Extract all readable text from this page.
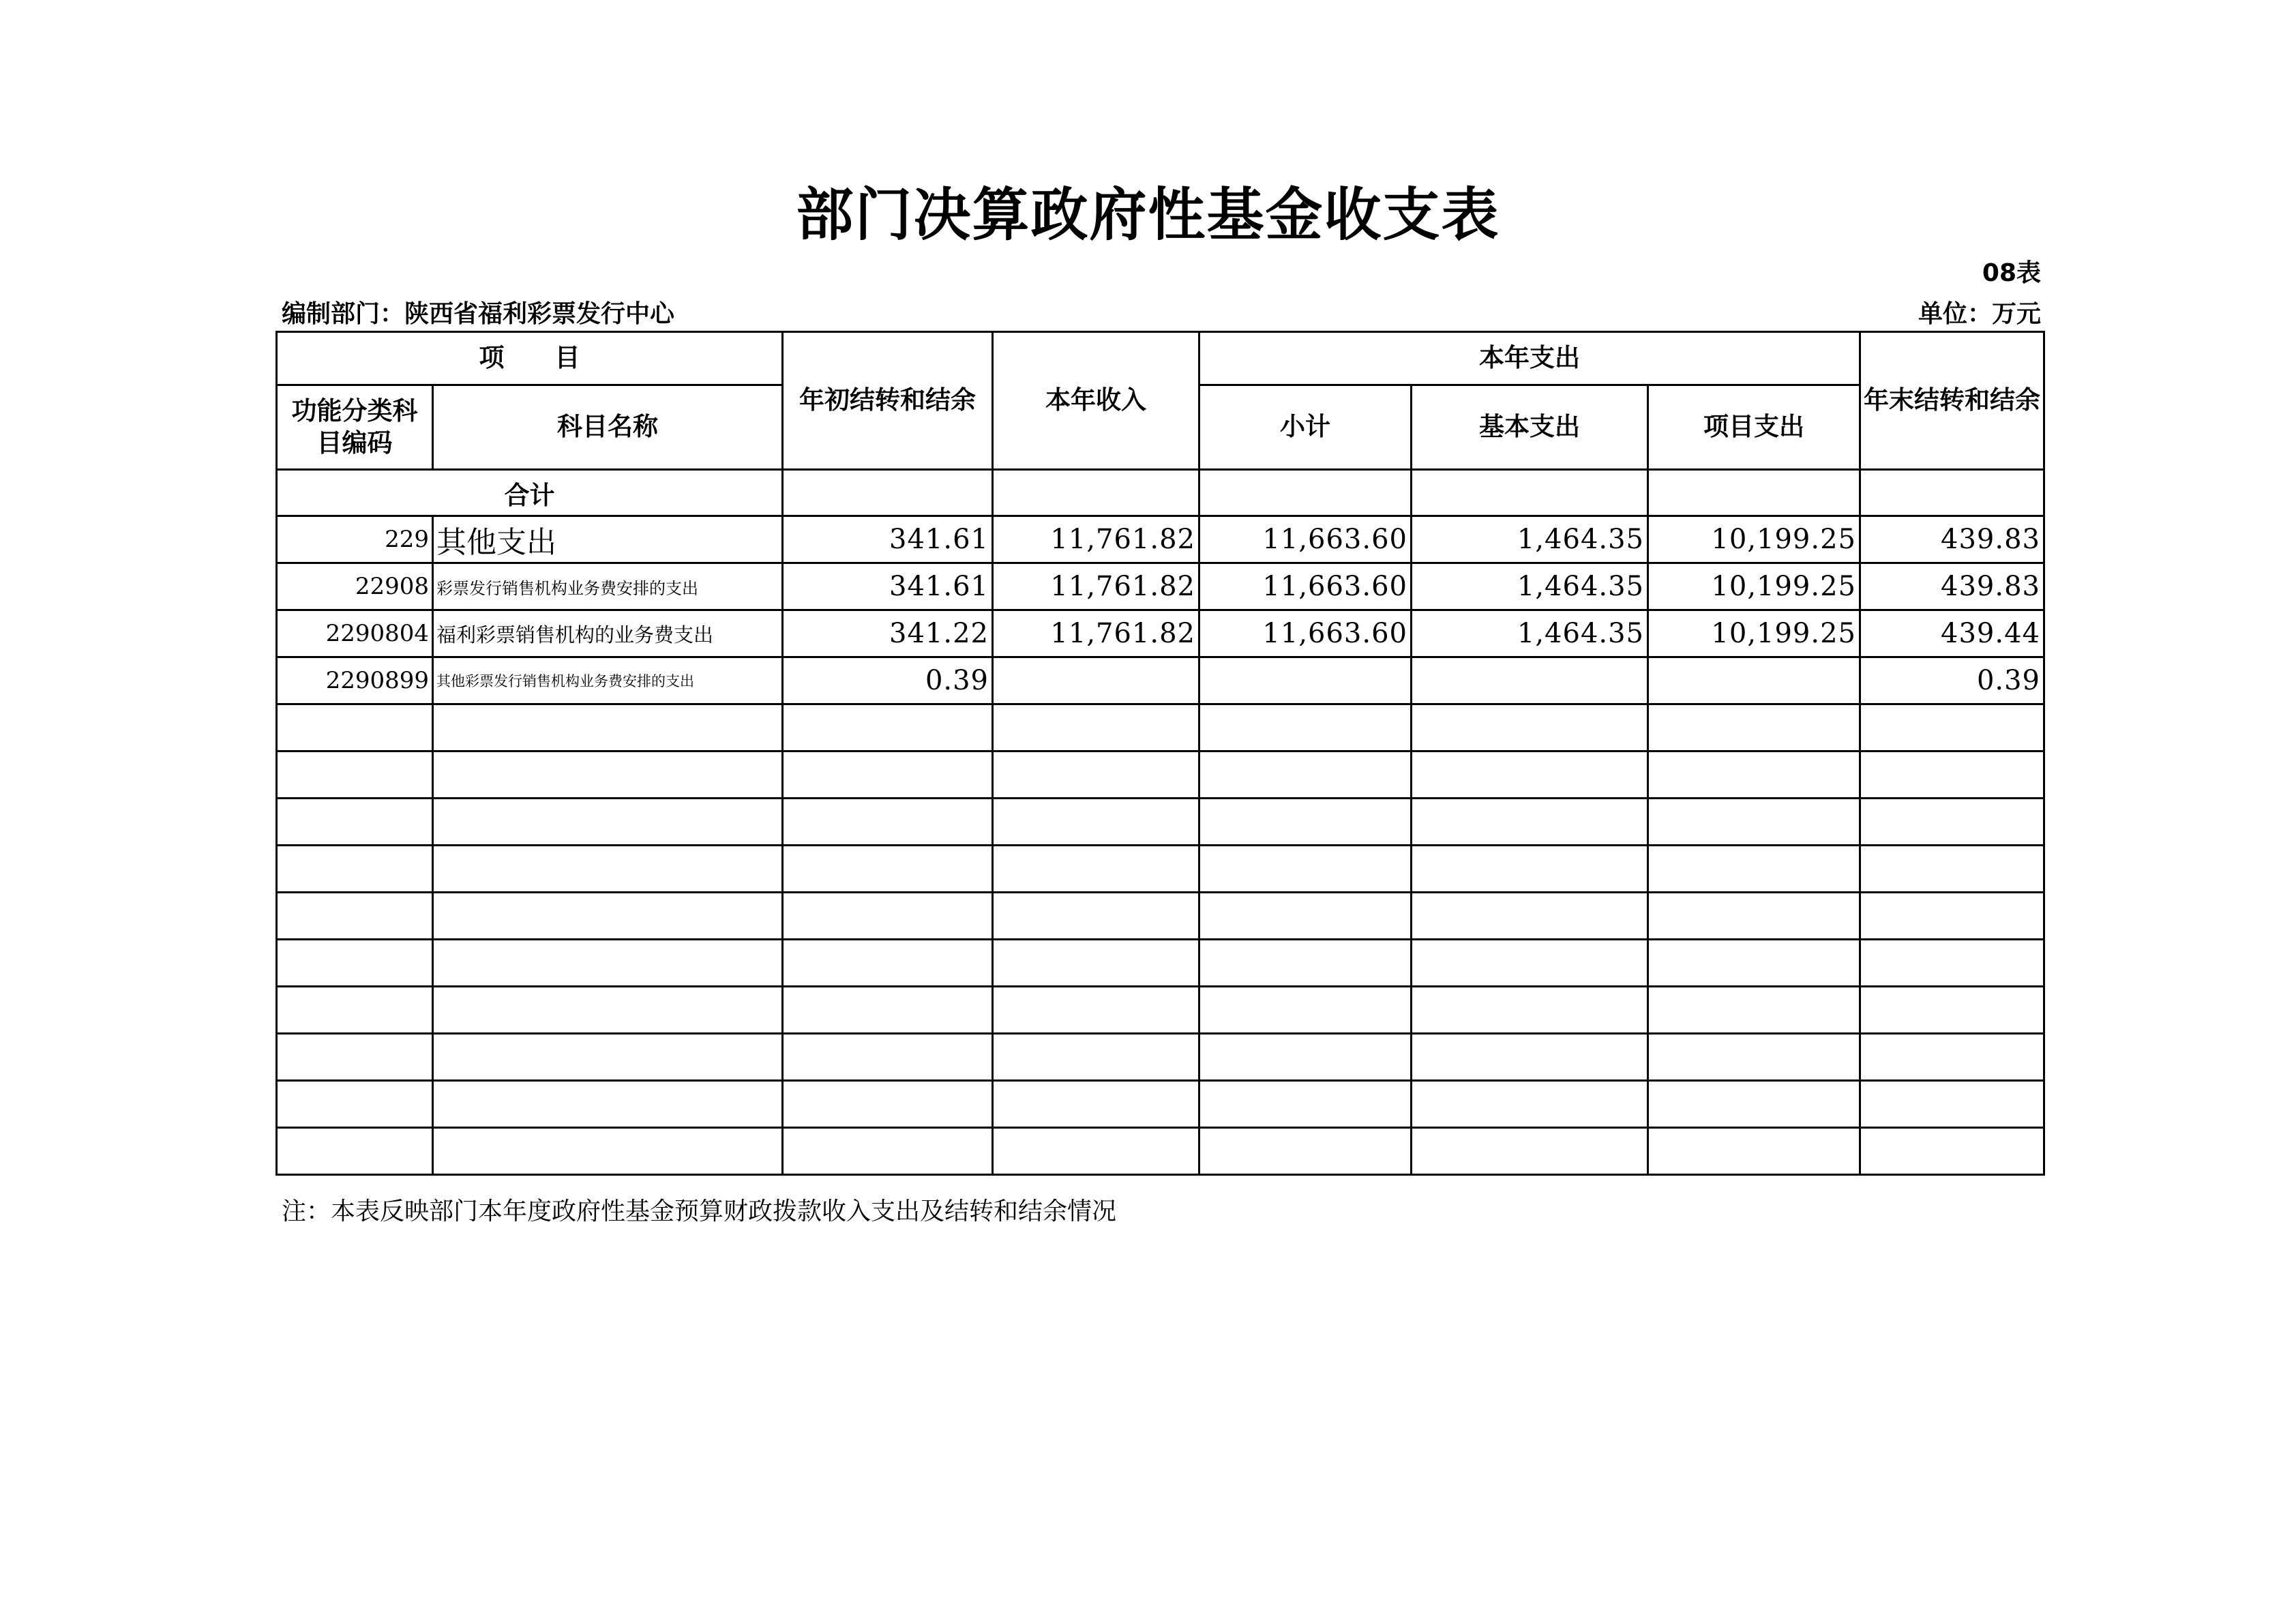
部门决算政府性基金收支表
08表
编制部门：陕西省福利彩票发行中心	单位：万元
项　　目		年初结转和结余	本年收入	本年支出			年末结转和结余
功能分类科目编码	科目名称			小计	基本支出	项目支出	
合计							
229	其他支出	341.61	11,761.82	11,663.60	1,464.35	10,199.25	439.83
22908	彩票发行销售机构业务费安排的支出	341.61	11,761.82	11,663.60	1,464.35	10,199.25	439.83
2290804	福利彩票销售机构的业务费支出	341.22	11,761.82	11,663.60	1,464.35	10,199.25	439.44
2290899	其他彩票发行销售机构业务费安排的支出	0.39					0.39

注：本表反映部门本年度政府性基金预算财政拨款收入支出及结转和结余情况
